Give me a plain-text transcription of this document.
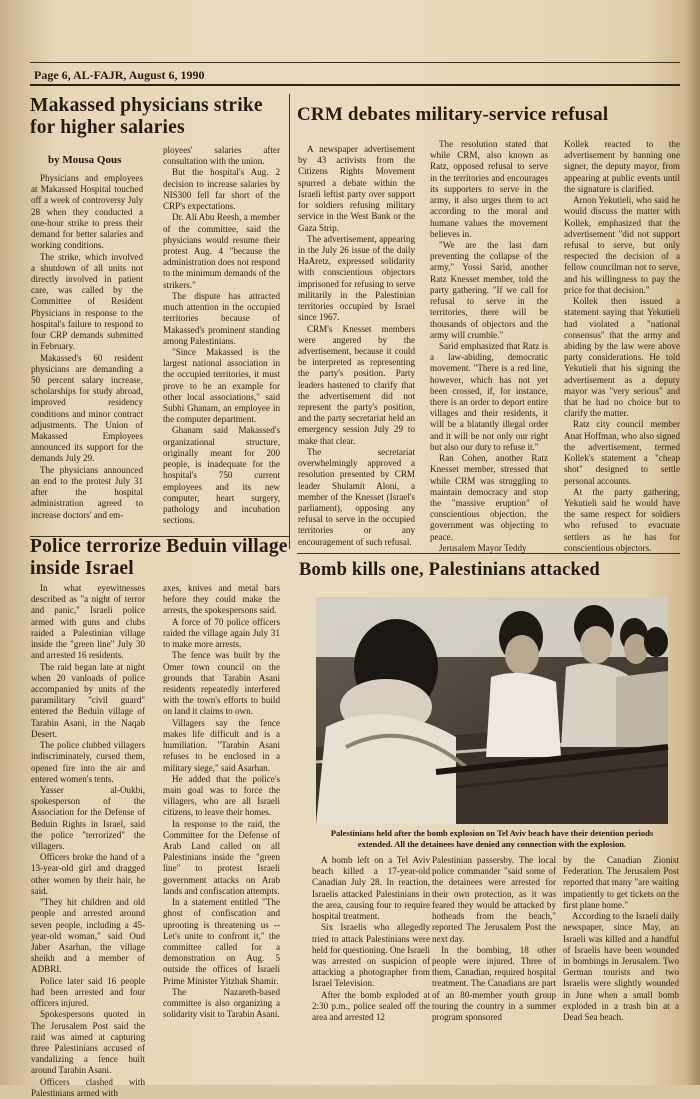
Page 6, AL-FAJR, August 6, 1990
Makassed physicians strike for higher salaries
by Mousa Qous

Physicians and employees at Makassed Hospital touched off a week of controversy July 28 when they conducted a one-hour strike to press their demand for better salaries and working conditions.

The strike, which involved a shutdown of all units not directly involved in patient care, was called by the Committee of Resident Physicians in response to the hospital's failure to respond to four CRP demands submitted in February.

Makassed's 60 resident physicians are demanding a 50 percent salary increase, scholarships for study abroad, improved residency conditions and minor contract adjustments. The Union of Makassed Employees announced its support for the demands July 29.

The physicians announced an end to the protest July 31 after the hospital administration agreed to increase doctors' and em-

ployees' salaries after consultation with the union.

But the hospital's Aug. 2 decision to increase salaries by NIS300 fell far short of the CRP's expectations.

Dr. Ali Abu Reesh, a member of the committee, said the physicians would resume their protest Aug. 4 "because the administration does not respond to the minimum demands of the strikers."

The dispute has attracted much attention in the occupied territories because of Makassed's prominent standing among Palestinians.

"Since Makassed is the largest national association in the occupied territories, it must prove to be an example for other local associations," said Subhi Ghanam, an employee in the computer department.

Ghanam said Makassed's organizational structure, originally meant for 200 people, is inadequate for the hospital's 750 current employees and its new computer, heart surgery, pathology and incubation sections.

Police terrorize Beduin village inside Israel

In what eyewitnesses described as "a night of terror and panic," Israeli police armed with guns and clubs raided a Palestinian village inside the "green line" July 30 and arrested 16 residents.

The raid began late at night when 20 vanloads of police accompanied by units of the paramilitary "civil guard" entered the Beduin village of Tarabin Asani, in the Naqab Desert.

The police clubbed villagers indiscriminately, cursed them, opened fire into the air and entered women's tents.

Yasser al-Oukbi, spokesperson of the Association for the Defense of Beduin Rights in Israel, said the police "terrorized" the villagers.

Officers broke the hand of a 13-year-old girl and dragged other women by their hair, he said.

"They hit children and old people and arrested around seven people, including a 45-year-old woman," said Oud Jaber Asarhan, the village sheikh and a member of ADBRI.

Police later said 16 people had been arrested and four officers injured.

Spokespersons quoted in The Jerusalem Post said the raid was aimed at capturing three Palestinians accused of vandalizing a fence built around Tarabin Asani.

Officers clashed with Palestinians armed with

axes, knives and metal bars before they could make the arrests, the spokespersons said.

A force of 70 police officers raided the village again July 31 to make more arrests.

The fence was built by the Omer town council on the grounds that Tarabin Asani residents repeatedly interfered with the town's efforts to build on land it claims to own.

Villagers say the fence makes life difficult and is a humiliation. "Tarabin Asani refuses to be enclosed in a military siege," said Asarhan.

He added that the police's main goal was to force the villagers, who are all Israeli citizens, to leave their homes.

In response to the raid, the Committee for the Defense of Arab Land called on all Palestinians inside the "green line" to protest Israeli government attacks on Arab lands and confiscation attempts.

In a statement entitled "The ghost of confiscation and uprooting is threatening us -- Let's unite to confront it," the committee called for a demonstration on Aug. 5 outside the offices of Israeli Prime Minister Yitzhak Shamir.

The Nazareth-based committee is also organizing a solidarity visit to Tarabin Asani.

CRM debates military-service refusal

A newspaper advertisement by 43 activists from the Citizens Rights Movement spurred a debate within the Israeli leftist party over support for soldiers refusing military service in the West Bank or the Gaza Strip.

The advertisement, appearing in the July 26 issue of the daily HaAretz, expressed solidarity with conscientious objectors imprisoned for refusing to serve militarily in the Palestinian territories occupied by Israel since 1967.

CRM's Knesset members were angered by the advertisement, because it could be interpreted as representing the party's position. Party leaders hastened to clarify that the advertisement did not represent the party's position, and the party secretariat held an emergency session July 29 to make that clear.

The secretariat overwhelmingly approved a resolution presented by CRM leader Shulamit Aloni, a member of the Knesset (Israel's parliament), opposing any refusal to serve in the occupied territories or any encouragement of such refusal.

The resolution stated that while CRM, also known as Ratz, opposed refusal to serve in the territories and encourages its supporters to serve in the army, it also urges them to act according to the moral and humane values the movement believes in.

"We are the last dam preventing the collapse of the army," Yossi Sarid, another Ratz Knesset member, told the party gathering. "If we call for refusal to serve in the territories, there will be thousands of objectors and the army will crumble."

Sarid emphasized that Ratz is a law-abiding, democratic movement. "There is a red line, however, which has not yet been crossed, if, for instance, there is an order to deport entire villages and their residents, it will be a blatantly illegal order and it will be not only our right but also our duty to refuse it."

Ran Cohen, another Ratz Knesset member, stressed that while CRM was struggling to maintain democracy and stop the "massive eruption" of conscientious objection, the government was objecting to peace.

Jerusalem Mayor Teddy

Kollek reacted to the advertisement by banning one signer, the deputy mayor, from appearing at public events until the signature is clarified.

Arnon Yekutieli, who said he would discuss the matter with Kollek, emphasized that the advertisement "did not support refusal to serve, but only respected the decision of a fellow councilman not to serve, and his willingness to pay the price for that decision."

Kollek then issued a statement saying that Yekutieli had violated a "national consensus" that the army and abiding by the law were above party considerations. He told Yekutieli that his signing the advertisement as a deputy mayor was "very serious" and that he had no choice but to clarify the matter.

Ratz city council member Anat Hoffman, who also signed the advertisement, termed Kollek's statement a "cheap shot" designed to settle personal accounts.

At the party gathering, Yekutieli said he would have the same respect for soldiers who refused to evacuate settlers as he has for conscientious objectors.

Bomb kills one, Palestinians attacked
Palestinians held after the bomb explosion on Tel Aviv beach have their detention periods extended. All the detainees have denied any connection with the explosion.

A bomb left on a Tel Aviv beach killed a 17-year-old Canadian July 28. In reaction, Israelis attacked Palestinians in the area, causing four to require hospital treatment.

Six Israelis who allegedly tried to attack Palestinians were held for questioning. One Israeli was arrested on suspicion of attacking a photographer from Israel Television.

After the bomb exploded at 2:30 p.m., police sealed off the area and arrested 12

Palestinian passersby. The local police commander "said some of the detainees were arrested for their own protection, as it was feared they would be attacked by hotheads from the beach," reported The Jerusalem Post the next day.

In the bombing, 18 other people were injured. Three of them, Canadian, required hospital treatment. The Canadians are part of an 80-member youth group touring the country in a summer program sponsored

by the Canadian Zionist Federation. The Jerusalem Post reported that many "are waiting impatiently to get tickets on the first plane home."

According to the Israeli daily newspaper, since May, an Israeli was killed and a handful of Israelis have been wounded in bombings in Jerusalem. Two German tourists and two Israelis were slightly wounded in June when a small bomb exploded in a trash bin at a Dead Sea beach.
